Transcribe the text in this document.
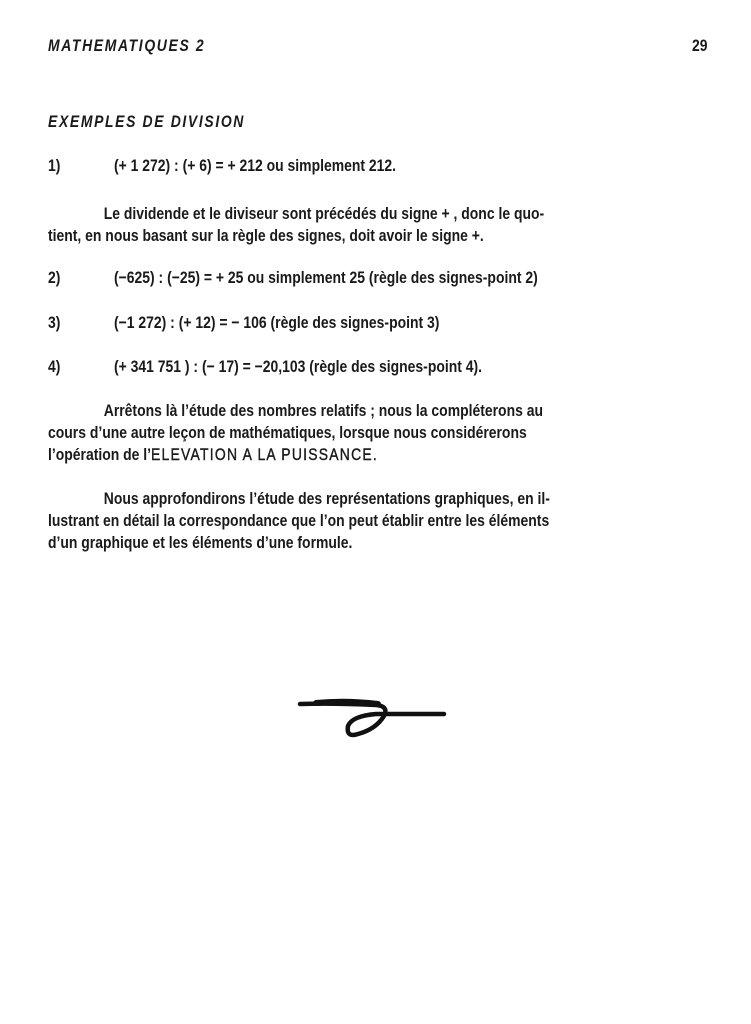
MATHEMATIQUES 2	29
EXEMPLES DE DIVISION
1)	(+ 1 272) : (+ 6) = + 212 ou simplement 212.
Le dividende et le diviseur sont précédés du signe + , donc le quo-
tient, en nous basant sur la règle des signes, doit avoir le signe +.
2)	(−625) : (−25) = + 25 ou simplement 25 (règle des signes-point 2)
3)	(−1 272) : (+ 12) = − 106 (règle des signes-point 3)
4)	(+ 341 751 ) : (− 17) = −20,103 (règle des signes-point 4).
Arrêtons là l’étude des nombres relatifs ; nous la compléterons au
cours d’une autre leçon de mathématiques, lorsque nous considérerons
l’opération de l’ELEVATION A LA PUISSANCE.
Nous approfondirons l’étude des représentations graphiques, en il-
lustrant en détail la correspondance que l’on peut établir entre les éléments
d’un graphique et les éléments d’une formule.
